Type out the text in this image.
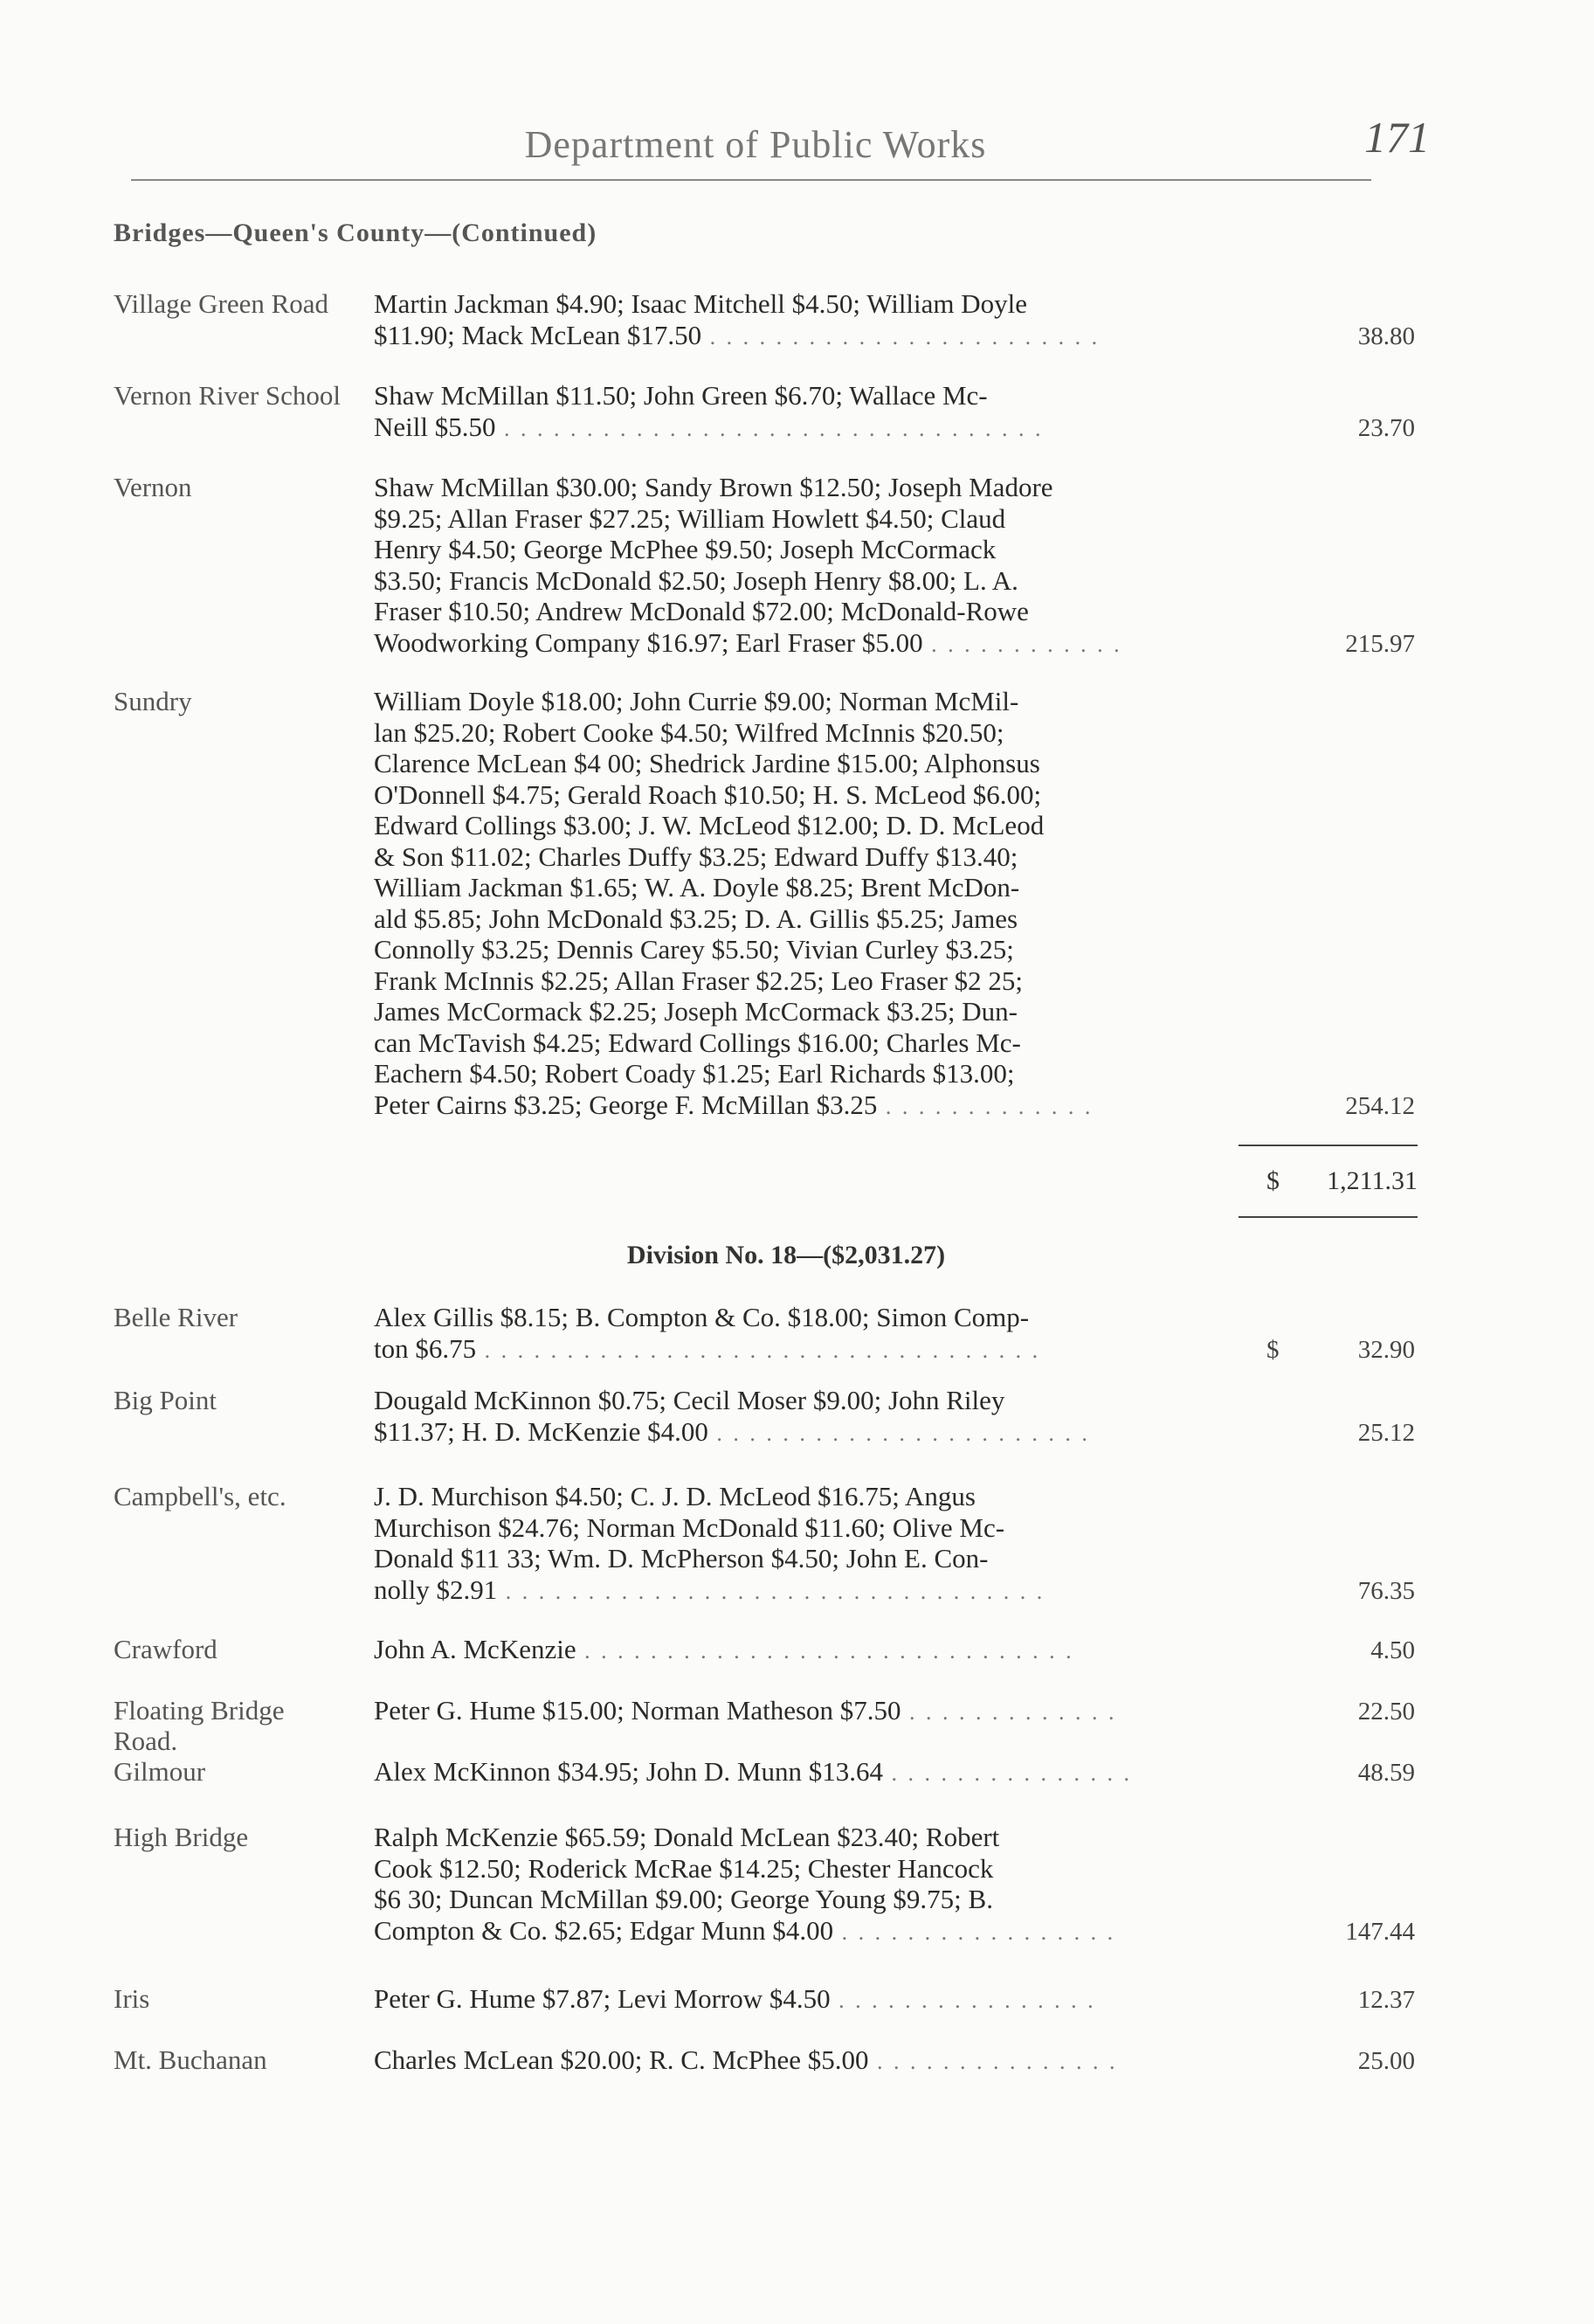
Department of Public Works	171
Bridges—Queen's County—(Continued)
Village Green Road	Martin Jackman $4.90; Isaac Mitchell $4.50; William Doyle

$11.90; Mack McLean $17.50 . . . . . . . . . . . . . . . . . . . . . . . .	38.80
Vernon River School	Shaw McMillan $11.50; John Green $6.70; Wallace Mc-

Neill $5.50 . . . . . . . . . . . . . . . . . . . . . . . . . . . . . . . . .	23.70
Vernon	Shaw McMillan $30.00; Sandy Brown $12.50; Joseph Madore

$9.25; Allan Fraser $27.25; William Howlett $4.50; Claud

Henry $4.50; George McPhee $9.50; Joseph McCormack

$3.50; Francis McDonald $2.50; Joseph Henry $8.00; L. A.

Fraser $10.50; Andrew McDonald $72.00; McDonald-Rowe

Woodworking Company $16.97; Earl Fraser $5.00 . . . . . . . . . . . .	215.97
Sundry	William Doyle $18.00; John Currie $9.00; Norman McMil-

lan $25.20; Robert Cooke $4.50; Wilfred McInnis $20.50;

Clarence McLean $4 00; Shedrick Jardine $15.00; Alphonsus

O'Donnell $4.75; Gerald Roach $10.50; H. S. McLeod $6.00;

Edward Collings $3.00; J. W. McLeod $12.00; D. D. McLeod

& Son $11.02; Charles Duffy $3.25; Edward Duffy $13.40;

William Jackman $1.65; W. A. Doyle $8.25; Brent McDon-

ald $5.85; John McDonald $3.25; D. A. Gillis $5.25; James

Connolly $3.25; Dennis Carey $5.50; Vivian Curley $3.25;

Frank McInnis $2.25; Allan Fraser $2.25; Leo Fraser $2 25;

James McCormack $2.25; Joseph McCormack $3.25; Dun-

can McTavish $4.25; Edward Collings $16.00; Charles Mc-

Eachern $4.50; Robert Coady $1.25; Earl Richards $13.00;

Peter Cairns $3.25; George F. McMillan $3.25 . . . . . . . . . . . . .	254.12
$ 1,211.31
Division No. 18—($2,031.27)
Belle River	Alex Gillis $8.15; B. Compton & Co. $18.00; Simon Comp-

ton $6.75 . . . . . . . . . . . . . . . . . . . . . . . . . . . . . . . . . .	$	32.90
Big Point	Dougald McKinnon $0.75; Cecil Moser $9.00; John Riley

$11.37; H. D. McKenzie $4.00 . . . . . . . . . . . . . . . . . . . . . . .	25.12
Campbell's, etc.	J. D. Murchison $4.50; C. J. D. McLeod $16.75; Angus

Murchison $24.76; Norman McDonald $11.60; Olive Mc-

Donald $11 33; Wm. D. McPherson $4.50; John E. Con-

nolly $2.91 . . . . . . . . . . . . . . . . . . . . . . . . . . . . . . . . .	76.35
Crawford	John A. McKenzie . . . . . . . . . . . . . . . . . . . . . . . . . . . . . .	4.50
Floating Bridge Road.

Peter G. Hume $15.00; Norman Matheson $7.50 . . . . . . . . . . . . .	22.50
Gilmour	Alex McKinnon $34.95; John D. Munn $13.64 . . . . . . . . . . . . . . .	48.59
High Bridge	Ralph McKenzie $65.59; Donald McLean $23.40; Robert

Cook $12.50; Roderick McRae $14.25; Chester Hancock

$6 30; Duncan McMillan $9.00; George Young $9.75; B.

Compton & Co. $2.65; Edgar Munn $4.00 . . . . . . . . . . . . . . . . .	147.44
Iris	Peter G. Hume $7.87; Levi Morrow $4.50 . . . . . . . . . . . . . . . .	12.37
Mt. Buchanan	Charles McLean $20.00; R. C. McPhee $5.00 . . . . . . . . . . . . . . .	25.00
